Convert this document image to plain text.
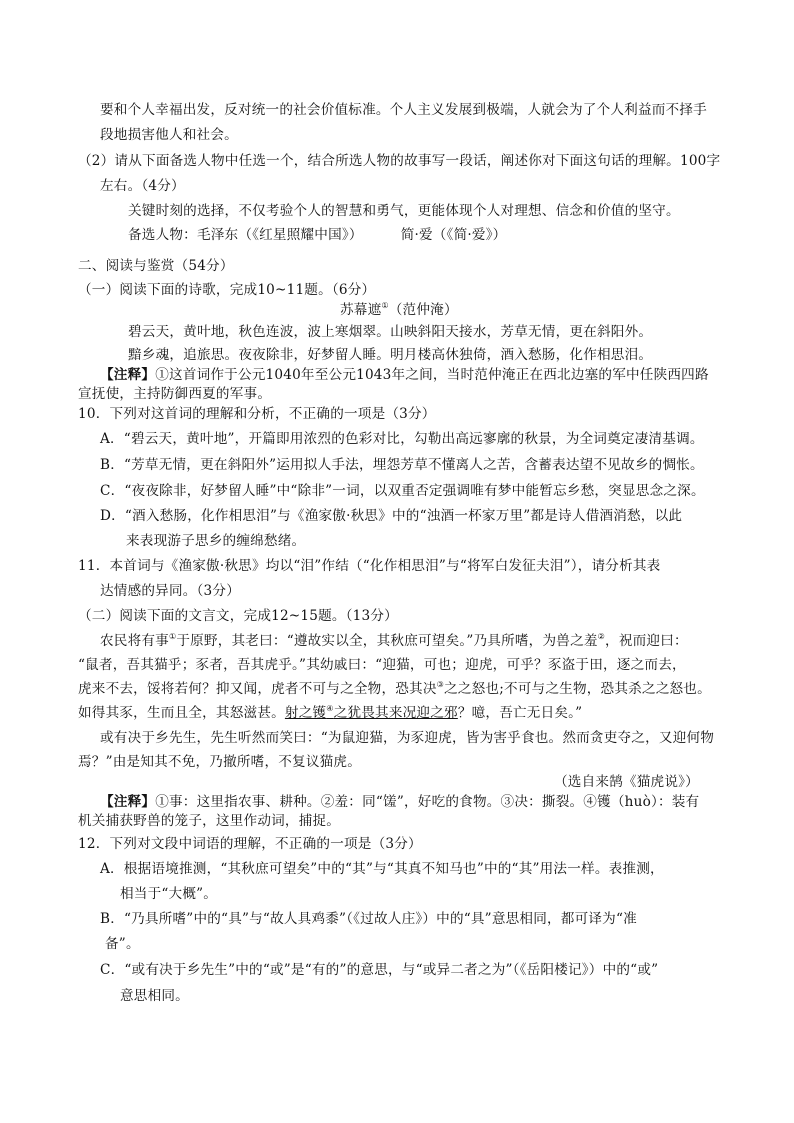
要和个人幸福出发，反对统一的社会价值标准。个人主义发展到极端，人就会为了个人利益而不择手
段地损害他人和社会。
（2）请从下面备选人物中任选一个，结合所选人物的故事写一段话，阐述你对下面这句话的理解。100字
左右。（4分）
关键时刻的选择，不仅考验个人的智慧和勇气，更能体现个人对理想、信念和价值的坚守。
备选人物：毛泽东（《红星照耀中国》）	简·爱（《简·爱》）
二、阅读与鉴赏（54分）
（一）阅读下面的诗歌，完成10~11题。（6分）
苏幕遮①（范仲淹）
碧云天，黄叶地，秋色连波，波上寒烟翠。山映斜阳天接水，芳草无情，更在斜阳外。
黯乡魂，追旅思。夜夜除非，好梦留人睡。明月楼高休独倚，酒入愁肠，化作相思泪。
【注释】①这首词作于公元1040年至公元1043年之间，当时范仲淹正在西北边塞的军中任陕西四路
宣抚使，主持防御西夏的军事。
10．下列对这首词的理解和分析，不正确的一项是（3分）
A．“碧云天，黄叶地”，开篇即用浓烈的色彩对比，勾勒出高远寥廓的秋景，为全词奠定凄清基调。
B．“芳草无情，更在斜阳外”运用拟人手法，埋怨芳草不懂离人之苦，含蓄表达望不见故乡的惆怅。
C．“夜夜除非，好梦留人睡”中“除非”一词，以双重否定强调唯有梦中能暂忘乡愁，突显思念之深。
D．“酒入愁肠，化作相思泪”与《渔家傲·秋思》中的“浊酒一杯家万里”都是诗人借酒消愁，以此
来表现游子思乡的缠绵愁绪。
11．本首词与《渔家傲·秋思》均以“泪”作结（“化作相思泪”与“将军白发征夫泪”），请分析其表
达情感的异同。（3分）
（二）阅读下面的文言文，完成12~15题。（13分）
农民将有事①于原野，其老曰：“遵故实以全，其秋庶可望矣。”乃具所嗜，为兽之羞②，祝而迎曰：
“鼠者，吾其猫乎；豕者，吾其虎乎。”其幼戚曰：“迎猫，可也；迎虎，可乎？豕盗于田，逐之而去，
虎来不去，馁将若何？抑又闻，虎者不可与之全物，恐其决③之之怒也;不可与之生物，恐其杀之之怒也。
如得其豕，生而且全，其怒滋甚。射之镬④之犹畏其来况迎之邪？噫，吾亡无日矣。”
或有决于乡先生，先生听然而笑曰：“为鼠迎猫，为豕迎虎，皆为害乎食也。然而贪吏夺之，又迎何物
焉？”由是知其不免，乃撤所嗜，不复议猫虎。
（选自来鹄《猫虎说》）
【注释】①事：这里指农事、耕种。②羞：同“馐”，好吃的食物。③决：撕裂。④镬（huò）：装有
机关捕获野兽的笼子，这里作动词，捕捉。
12．下列对文段中词语的理解，不正确的一项是（3分）
A．根据语境推测，“其秋庶可望矣”中的“其”与“其真不知马也”中的“其”用法一样。表推测，
相当于“大概”。
B．“乃具所嗜”中的“具”与“故人具鸡黍”（《过故人庄》）中的“具”意思相同，都可译为“准
备”。
C．“或有决于乡先生”中的“或”是“有的”的意思，与“或异二者之为”（《岳阳楼记》）中的“或”
意思相同。
